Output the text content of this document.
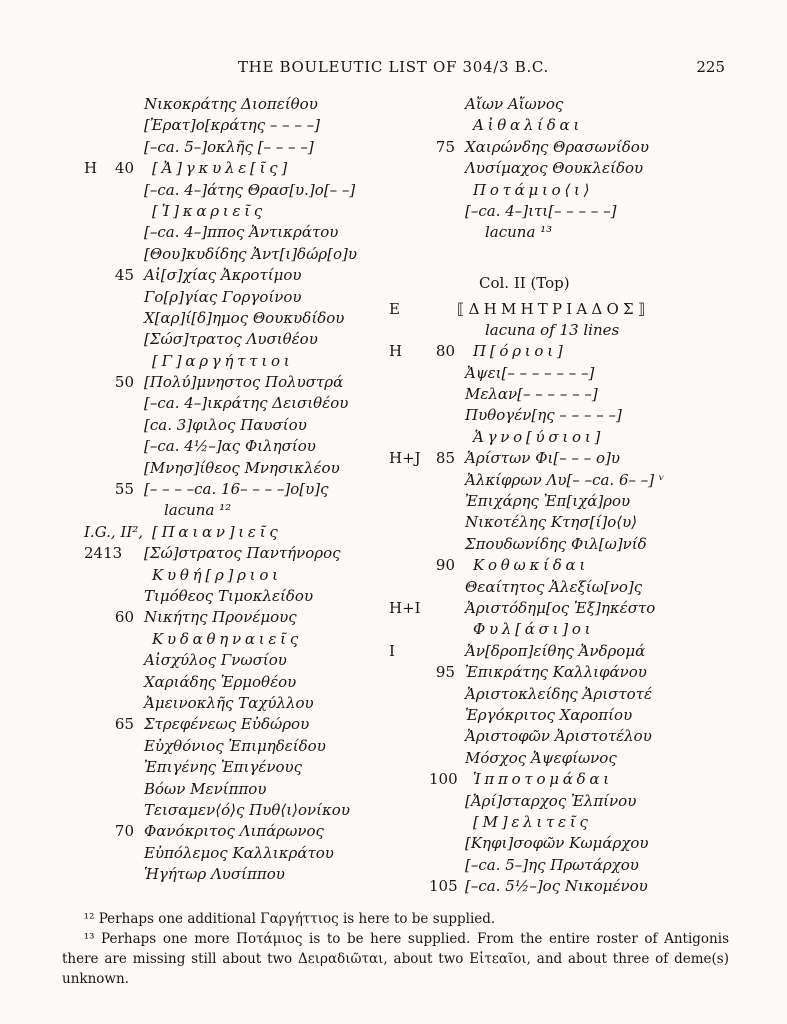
THE BOULEUTIC LIST OF 304/3 B.C.	225
Νικοκράτης Διοπείθου
[Ἐρατ]ο[κράτης – – – –]
[–ca. 5–]οκλῆς [– – – –]
H	40	[Ἀ]γκυλε[ῖς]
[–ca. 4–]άτης Θρασ[υ.]ο[– –]
[Ἰ]καριεῖς
[–ca. 4–]ππος Ἀντικράτου
[Θου]κυδίδης Ἀντ[ι]δώρ[ο]υ
45 Αἰ[σ]χίας Ἀκροτίμου
Γο[ρ]γίας Γοργοίνου
Χ[αρ]ί[δ]ημος Θουκυδίδου
[Σώσ]τρατος Λυσιθέου
[Γ]αργήττιοι
50 [Πολύ]μνηστος Πολυστρά
[–ca. 4–]ικράτης Δεισιθέου
[ca. 3]φιλος Παυσίου
[–ca. 4½–]ας Φιλησίου
[Μνησ]ίθεος Μνησικλέου
55 [– – – –ca. 16– – – –]ο[υ]ς
lacuna ¹²
I.G., II², [Παιαν]ιεῖς
2413	[Σώ]στρατος Παντήνορος
Κυθή[ρ]ριοι
Τιμόθεος Τιμοκλείδου
60 Νικήτης Προνέμους
Κυδαθηναιεῖς
Αἰσχύλος Γνωσίου
Χαριάδης Ἑρμοθέου
Ἀμεινοκλῆς Ταχύλλου
65 Στρεφένεως Εὐδώρου
Εὐχθόνιος Ἐπιμηδείδου
Ἐπιγένης Ἐπιγένους
Βόων Μενίππου
Τεισαμεν⟨ό⟩ς Πυθ⟨ι⟩ονίκου
70 Φανόκριτος Λιπάρωνος
Εὐπόλεμος Καλλικράτου
Ἡγήτωρ Λυσίππου
Αἴων Αἴωνος
Αἰθαλίδαι
75 Χαιρώνδης Θρασωνίδου
Λυσίμαχος Θουκλείδου
Ποτάμιο⟨ι⟩
[–ca. 4–]ιτι[– – – – –]
lacuna ¹³
Col. II (Top)
E	⟦ΔΗΜΗΤΡΙΑΔΟΣ⟧
lacuna of 13 lines
H	80	Π[όριοι]
Ἀψει[– – – – – – –]
Μελαν[– – – – – –]
Πυθογέν[ης – – – – –]
Ἁγνο[ύσιοι]
H+J	85 Ἀρίστων Φι[– – – ο]υ
Ἀλκίφρων Λυ[– –ca. 6– –] ᵛ
Ἐπιχάρης Ἐπ[ιχά]ρου
Νικοτέλης Κτησ[ί]ο⟨υ⟩
Σπουδωνίδης Φιλ[ω]νίδ
90	Κοθωκίδαι
Θεαίτητος Ἀλεξίω[νο]ς
H+I	Ἀριστόδημ[ος Ἐξ]ηκέστο
Φυλ[άσι]οι
I	Ἀν[δροπ]είθης Ἀνδρομά
95 Ἐπικράτης Καλλιφάνου
Ἀριστοκλείδης Ἀριστοτέ
Ἐργόκριτος Χαροπίου
Ἀριστοφῶν Ἀριστοτέλου
Μόσχος Ἀψεφίωνος
100	Ἱπποτομάδαι
[Ἀρί]σταρχος Ἐλπίνου
[Μ]ελιτεῖς
[Κηφι]σοφῶν Κωμάρχου
[–ca. 5–]ης Πρωτάρχου
105 [–ca. 5½–]ος Νικομένου

¹² Perhaps one additional Γαργήττιος is here to be supplied.

¹³ Perhaps one more Ποτάμιος is to be here supplied. From the entire roster of Antigonis there are missing still about two Δειραδιῶται, about two Εἰτεαῖοι, and about three of deme(s) unknown.
